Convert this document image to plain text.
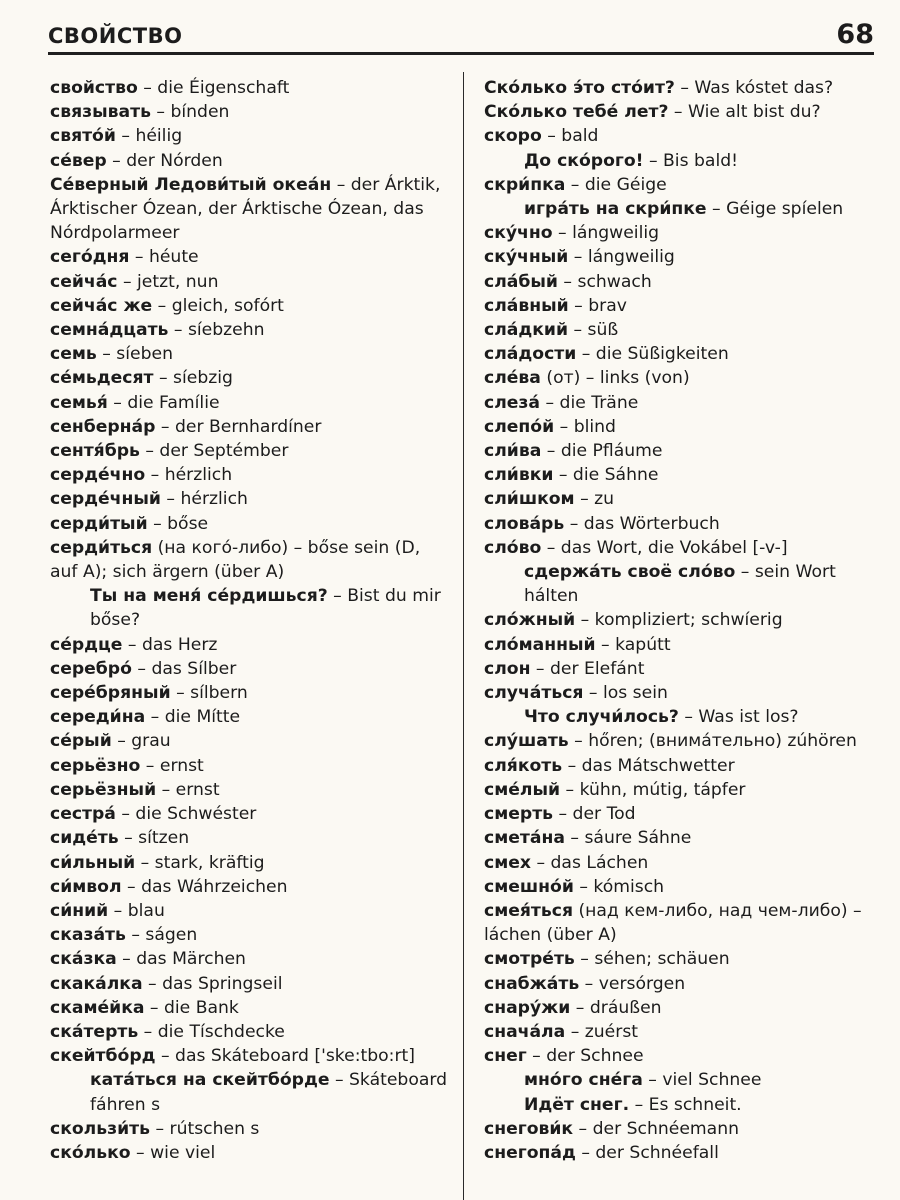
СВОЙСТВО	68

свойство – die Éigenschaft

связывать – bínden

свято́й – héilig

се́вер – der Nórden

Се́верный Ледови́тый океа́н – der Árktik, Árktischer Ózean, der Árktische Ózean, das Nórdpolarmeer

сего́дня – héute

сейча́с – jetzt, nun

сейча́с же – gleich, sofórt

семна́дцать – síebzehn

семь – síeben

се́мьдесят – síebzig

семья́ – die Famílie

сенберна́р – der Bernhardíner

сентя́брь – der Septémber

серде́чно – hérzlich

серде́чный – hérzlich

серди́тый – bőse

серди́ться (на кого́-либо) – bőse sein (D, auf A); sich ärgern (über A)

Ты на меня́ се́рдишься? – Bist du mir bőse?

се́рдце – das Herz

серебро́ – das Sílber

сере́бряный – sílbern

середи́на – die Mítte

се́рый – grau

серьёзно – ernst

серьёзный – ernst

сестра́ – die Schwéster

сиде́ть – sítzen

си́льный – stark, kräftig

си́мвол – das Wáhrzeichen

си́ний – blau

сказа́ть – ságen

ска́зка – das Märchen

скака́лка – das Springseil

скаме́йка – die Bank

ска́терть – die Tíschdecke

скейтбо́рд – das Skáteboard ['ske:tbo:rt]

ката́ться на скейтбо́рде – Skáteboard fáhren s

скользи́ть – rútschen s

ско́лько – wie viel

Ско́лько э́то сто́ит? – Was kóstet das?

Ско́лько тебе́ лет? – Wie alt bist du?

скоро – bald

До ско́рого! – Bis bald!

скри́пка – die Géige

игра́ть на скри́пке – Géige spíelen

ску́чно – lángweilig

ску́чный – lángweilig

сла́бый – schwach

сла́вный – brav

сла́дкий – süß

сла́дости – die Süßigkeiten

сле́ва (от) – links (von)

слеза́ – die Träne

слепо́й – blind

сли́ва – die Pfláume

сли́вки – die Sáhne

сли́шком – zu

слова́рь – das Wörterbuch

сло́во – das Wort, die Vokábel [-v-]

сдержа́ть своё сло́во – sein Wort hálten

сло́жный – kompliziert; schwíerig

сло́манный – kapútt

слон – der Elefánt

случа́ться – los sein

Что случи́лось? – Was ist los?

слу́шать – hőren; (внима́тельно) zúhören

сля́коть – das Mátschwetter

сме́лый – kühn, mútig, tápfer

смерть – der Tod

смета́на – sáure Sáhne

смех – das Láchen

смешно́й – kómisch

смея́ться (над кем-либо, над чем-либо) – láchen (über A)

смотре́ть – séhen; schäuen

снабжа́ть – versórgen

снару́жи – dráußen

снача́ла – zuérst

снег – der Schnee

мно́го сне́га – viel Schnee

Идёт снег. – Es schneit.

снегови́к – der Schnéemann

снегопа́д – der Schnéefall
